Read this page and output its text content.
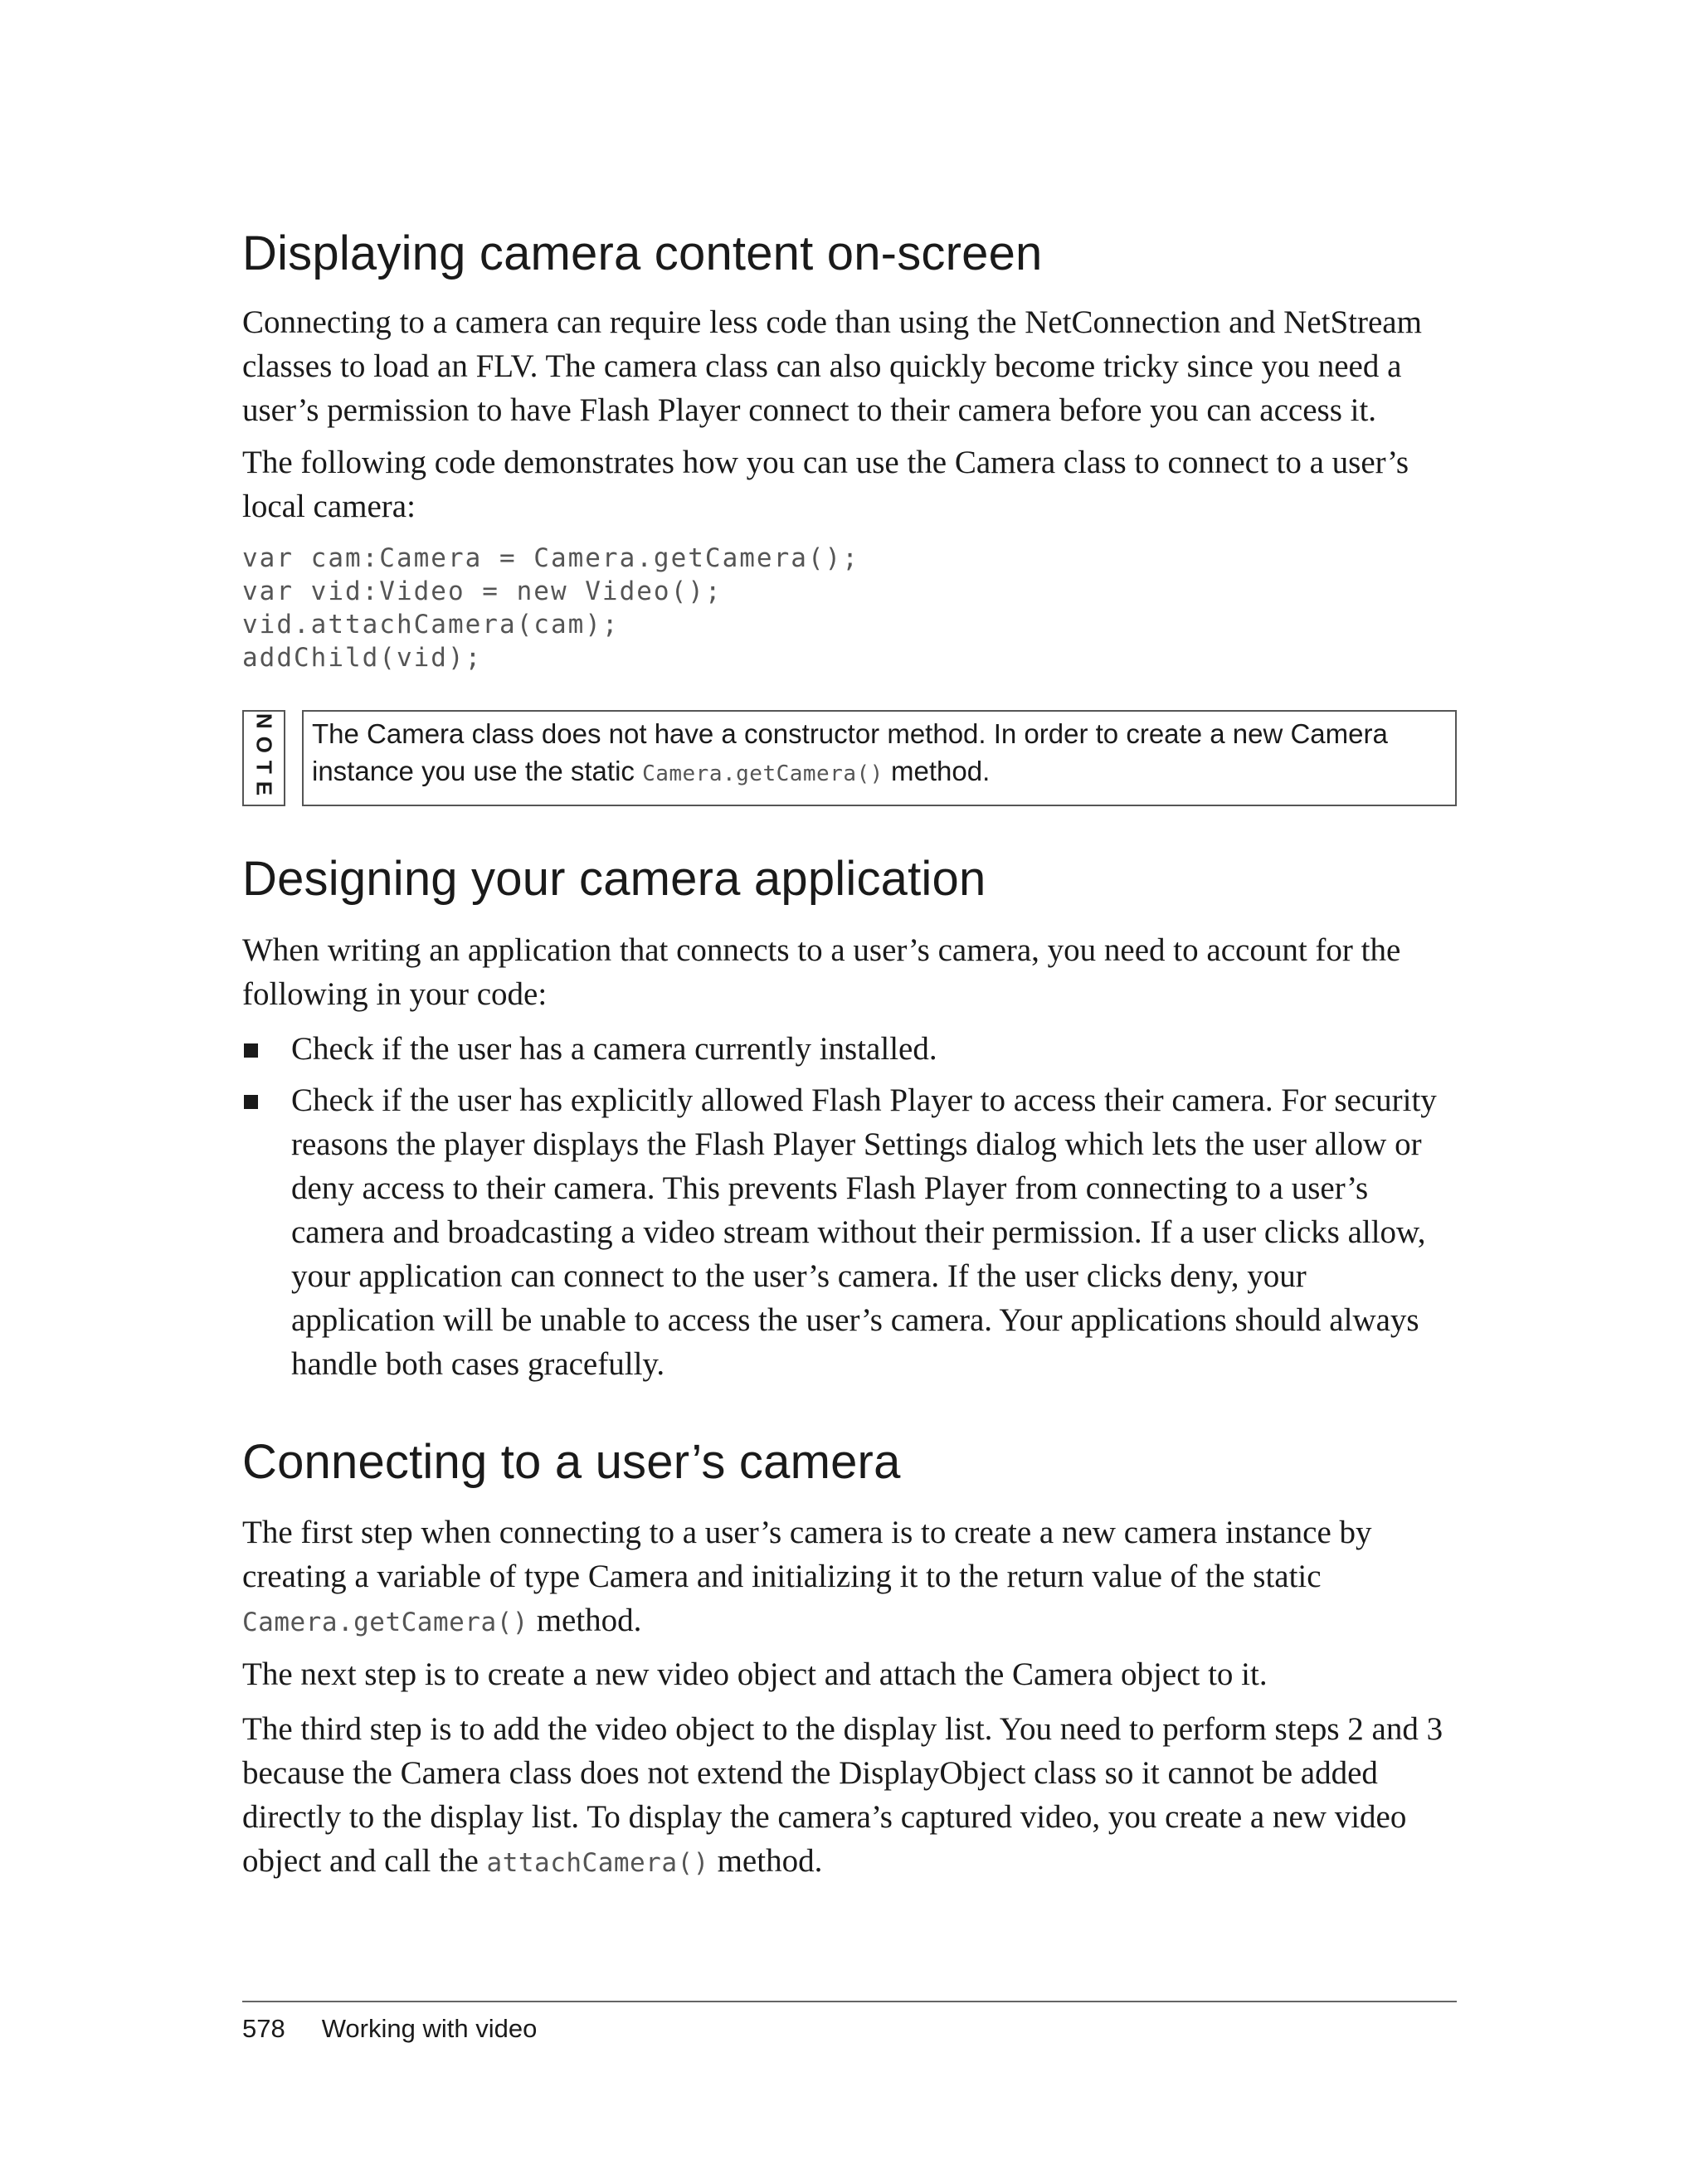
Displaying camera content on-screen

Connecting to a camera can require less code than using the NetConnection and NetStream classes to load an FLV. The camera class can also quickly become tricky since you need a user’s permission to have Flash Player connect to their camera before you can access it.

The following code demonstrates how you can use the Camera class to connect to a user’s local camera:

var cam:Camera = Camera.getCamera();
var vid:Video = new Video();
vid.attachCamera(cam);
addChild(vid);
NOTE	The Camera class does not have a constructor method. In order to create a new Camera instance you use the static Camera.getCamera() method.
Designing your camera application

When writing an application that connects to a user’s camera, you need to account for the following in your code:

Check if the user has a camera currently installed.
Check if the user has explicitly allowed Flash Player to access their camera. For security reasons the player displays the Flash Player Settings dialog which lets the user allow or deny access to their camera. This prevents Flash Player from connecting to a user’s camera and broadcasting a video stream without their permission. If a user clicks allow, your application can connect to the user’s camera. If the user clicks deny, your application will be unable to access the user’s camera. Your applications should always handle both cases gracefully.
Connecting to a user’s camera

The first step when connecting to a user’s camera is to create a new camera instance by creating a variable of type Camera and initializing it to the return value of the static Camera.getCamera() method.

The next step is to create a new video object and attach the Camera object to it.

The third step is to add the video object to the display list. You need to perform steps 2 and 3 because the Camera class does not extend the DisplayObject class so it cannot be added directly to the display list. To display the camera’s captured video, you create a new video object and call the attachCamera() method.

578 Working with video
